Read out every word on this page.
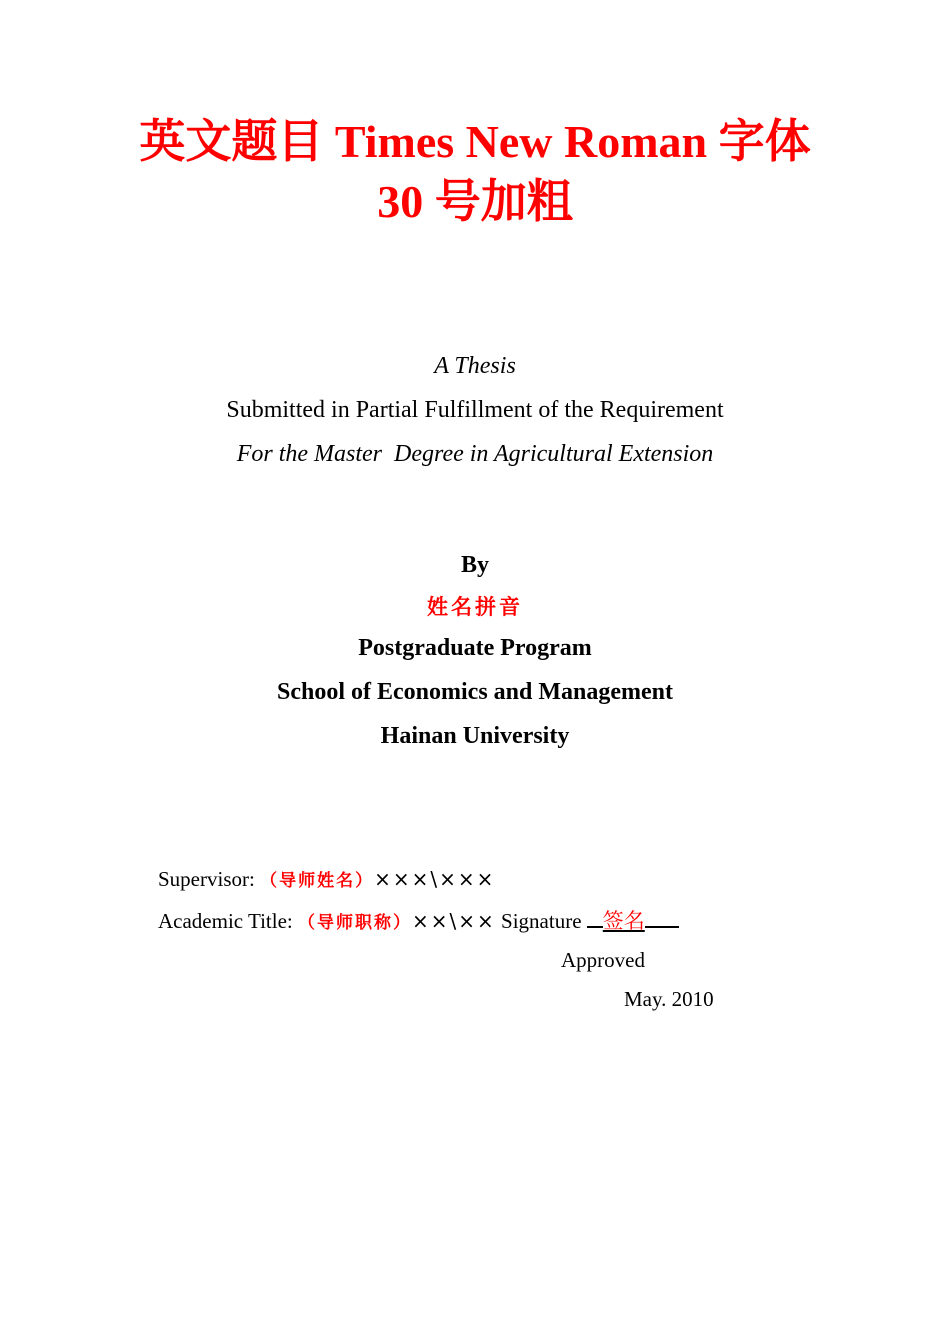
英文题目 Times New Roman 字体
30 号加粗
A Thesis
Submitted in Partial Fulfillment of the Requirement
For the Master  Degree in Agricultural Extension
By
姓名拼音
Postgraduate Program
School of Economics and Management
Hainan University
Supervisor: （导师姓名）×××\×××
Academic Title: （导师职称）××\×× Signature 签名
Approved
May. 2010
